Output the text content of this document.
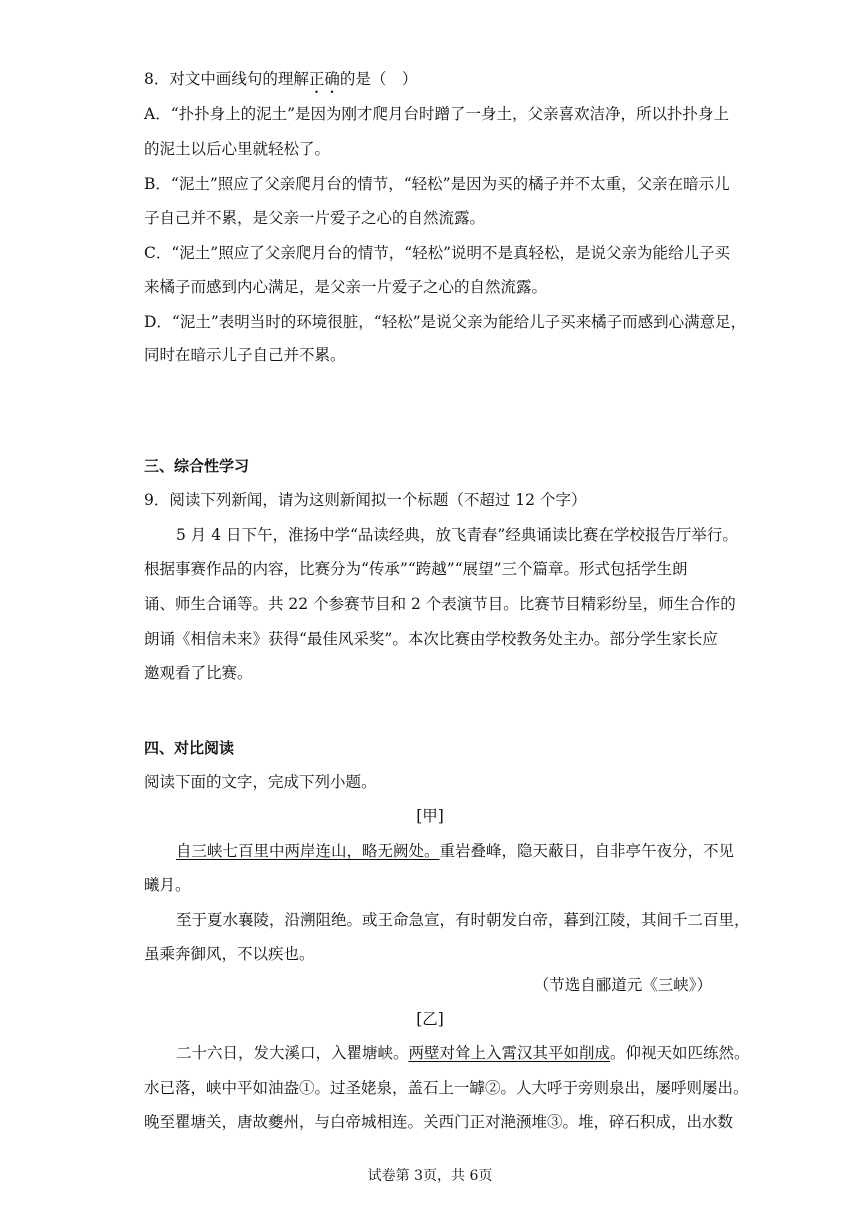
8．对文中画线句的理解正确的是（　）
A．“扑扑身上的泥土”是因为刚才爬月台时蹭了一身土，父亲喜欢洁净，所以扑扑身上
的泥土以后心里就轻松了。
B．“泥土”照应了父亲爬月台的情节，“轻松”是因为买的橘子并不太重，父亲在暗示儿
子自己并不累，是父亲一片爱子之心的自然流露。
C．“泥土”照应了父亲爬月台的情节，“轻松”说明不是真轻松，是说父亲为能给儿子买
来橘子而感到内心满足，是父亲一片爱子之心的自然流露。
D．“泥土”表明当时的环境很脏，“轻松”是说父亲为能给儿子买来橘子而感到心满意足，
同时在暗示儿子自己并不累。
三、综合性学习
9．阅读下列新闻，请为这则新闻拟一个标题（不超过 12 个字）
5 月 4 日下午，淮扬中学“品读经典，放飞青春”经典诵读比赛在学校报告厅举行。
根据事赛作品的内容，比赛分为“传承”“跨越”“展望”三个篇章。形式包括学生朗
诵、师生合诵等。共 22 个参赛节目和 2 个表演节目。比赛节目精彩纷呈，师生合作的
朗诵《相信未来》获得“最佳风采奖”。本次比赛由学校教务处主办。部分学生家长应
邀观看了比赛。
四、对比阅读
阅读下面的文字，完成下列小题。
[甲]
自三峡七百里中两岸连山，略无阙处。重岩叠峰，隐天蔽日，自非亭午夜分，不见
曦月。
至于夏水襄陵，沿溯阻绝。或王命急宣，有时朝发白帝，暮到江陵，其间千二百里，
虽乘奔御风，不以疾也。
（节选自郦道元《三峡》）
[乙]
二十六日，发大溪口，入瞿塘峡。两壁对耸上入霄汉其平如削成。仰视天如匹练然。
水已落，峡中平如油盎①。过圣姥泉，盖石上一罅②。人大呼于旁则泉出，屡呼则屡出。
晚至瞿塘关，唐故夔州，与白帝城相连。关西门正对滟滪堆③。堆，碎石积成，出水数
试卷第 3页，共 6页
